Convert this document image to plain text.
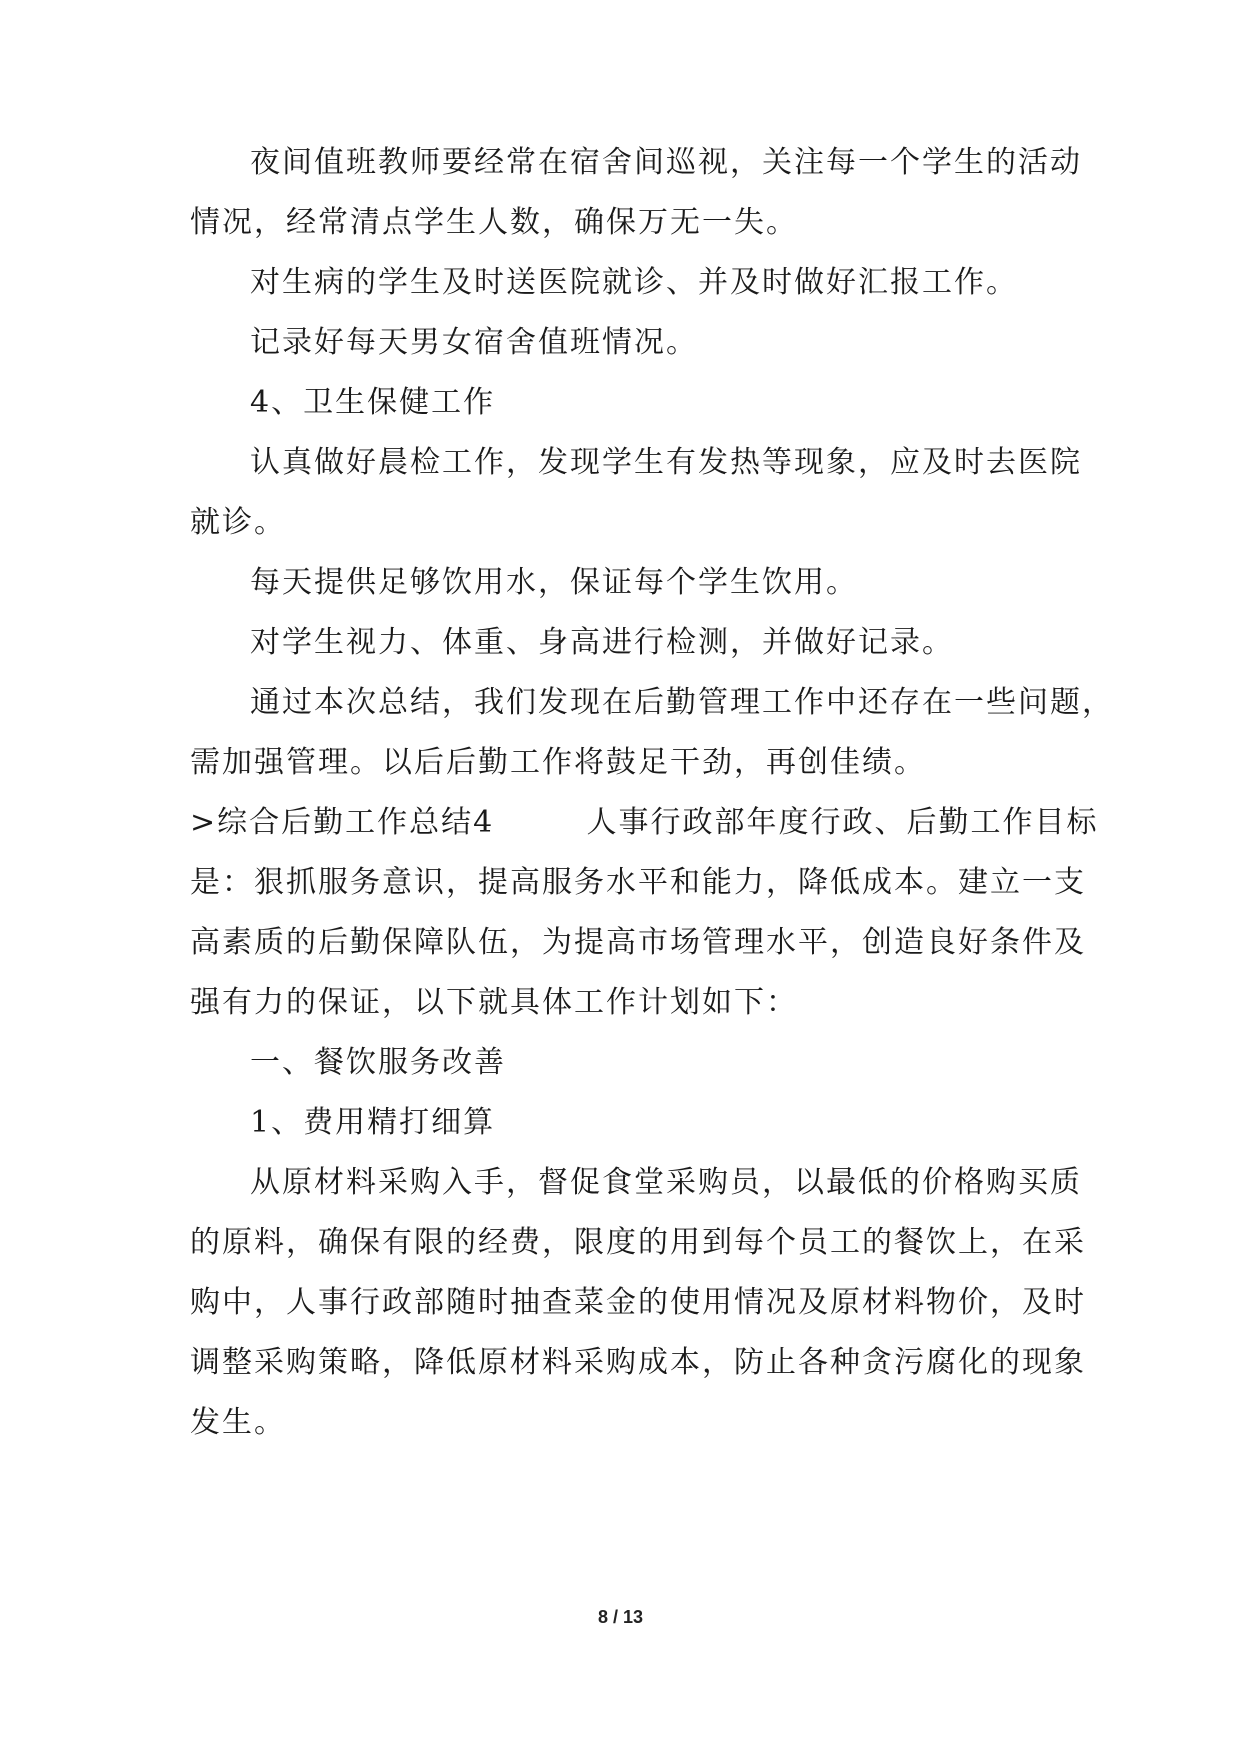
夜间值班教师要经常在宿舍间巡视，关注每一个学生的活动
情况，经常清点学生人数，确保万无一失。
对生病的学生及时送医院就诊、并及时做好汇报工作。
记录好每天男女宿舍值班情况。
4、卫生保健工作
认真做好晨检工作，发现学生有发热等现象，应及时去医院
就诊。
每天提供足够饮用水，保证每个学生饮用。
对学生视力、体重、身高进行检测，并做好记录。
通过本次总结，我们发现在后勤管理工作中还存在一些问题，
需加强管理。以后后勤工作将鼓足干劲，再创佳绩。
>综合后勤工作总结4        人事行政部年度行政、后勤工作目标
是：狠抓服务意识，提高服务水平和能力，降低成本。建立一支
高素质的后勤保障队伍，为提高市场管理水平，创造良好条件及
强有力的保证，以下就具体工作计划如下：
一、餐饮服务改善
1、费用精打细算
从原材料采购入手，督促食堂采购员，以最低的价格购买质
的原料，确保有限的经费，限度的用到每个员工的餐饮上，在采
购中，人事行政部随时抽查菜金的使用情况及原材料物价，及时
调整采购策略，降低原材料采购成本，防止各种贪污腐化的现象
发生。
8 / 13
